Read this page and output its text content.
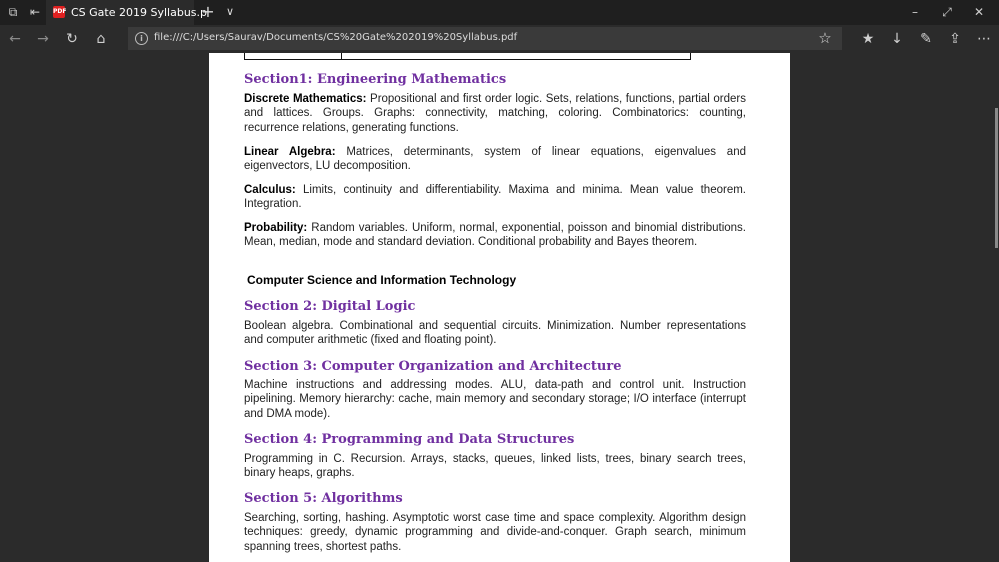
⧉	⇤	PDF CS Gate 2019 Syllabus.p
+	∨	–	⤢	✕
← → ↻	⌂	i	file:///C:/Users/Saurav/Documents/CS%20Gate%202019%20Syllabus.pdf	☆ ★ ↓ ✎ ⇪ ⋯
Section1: Engineering Mathematics
Discrete Mathematics: Propositional and first order logic. Sets, relations, functions, partial orders and lattices. Groups. Graphs: connectivity, matching, coloring. Combinatorics: counting, recurrence relations, generating functions.
Linear Algebra: Matrices, determinants, system of linear equations, eigenvalues and eigenvectors, LU decomposition.
Calculus: Limits, continuity and differentiability. Maxima and minima. Mean value theorem. Integration.
Probability: Random variables. Uniform, normal, exponential, poisson and binomial distributions. Mean, median, mode and standard deviation. Conditional probability and Bayes theorem.
Computer Science and Information Technology
Section 2: Digital Logic
Boolean algebra. Combinational and sequential circuits. Minimization. Number representations and computer arithmetic (fixed and floating point).
Section 3: Computer Organization and Architecture
Machine instructions and addressing modes. ALU, data-path and control unit. Instruction pipelining. Memory hierarchy: cache, main memory and secondary storage; I/O interface (interrupt and DMA mode).
Section 4: Programming and Data Structures
Programming in C. Recursion. Arrays, stacks, queues, linked lists, trees, binary search trees, binary heaps, graphs.
Section 5: Algorithms
Searching, sorting, hashing. Asymptotic worst case time and space complexity. Algorithm design techniques: greedy, dynamic programming and divide-and-conquer. Graph search, minimum spanning trees, shortest paths.
